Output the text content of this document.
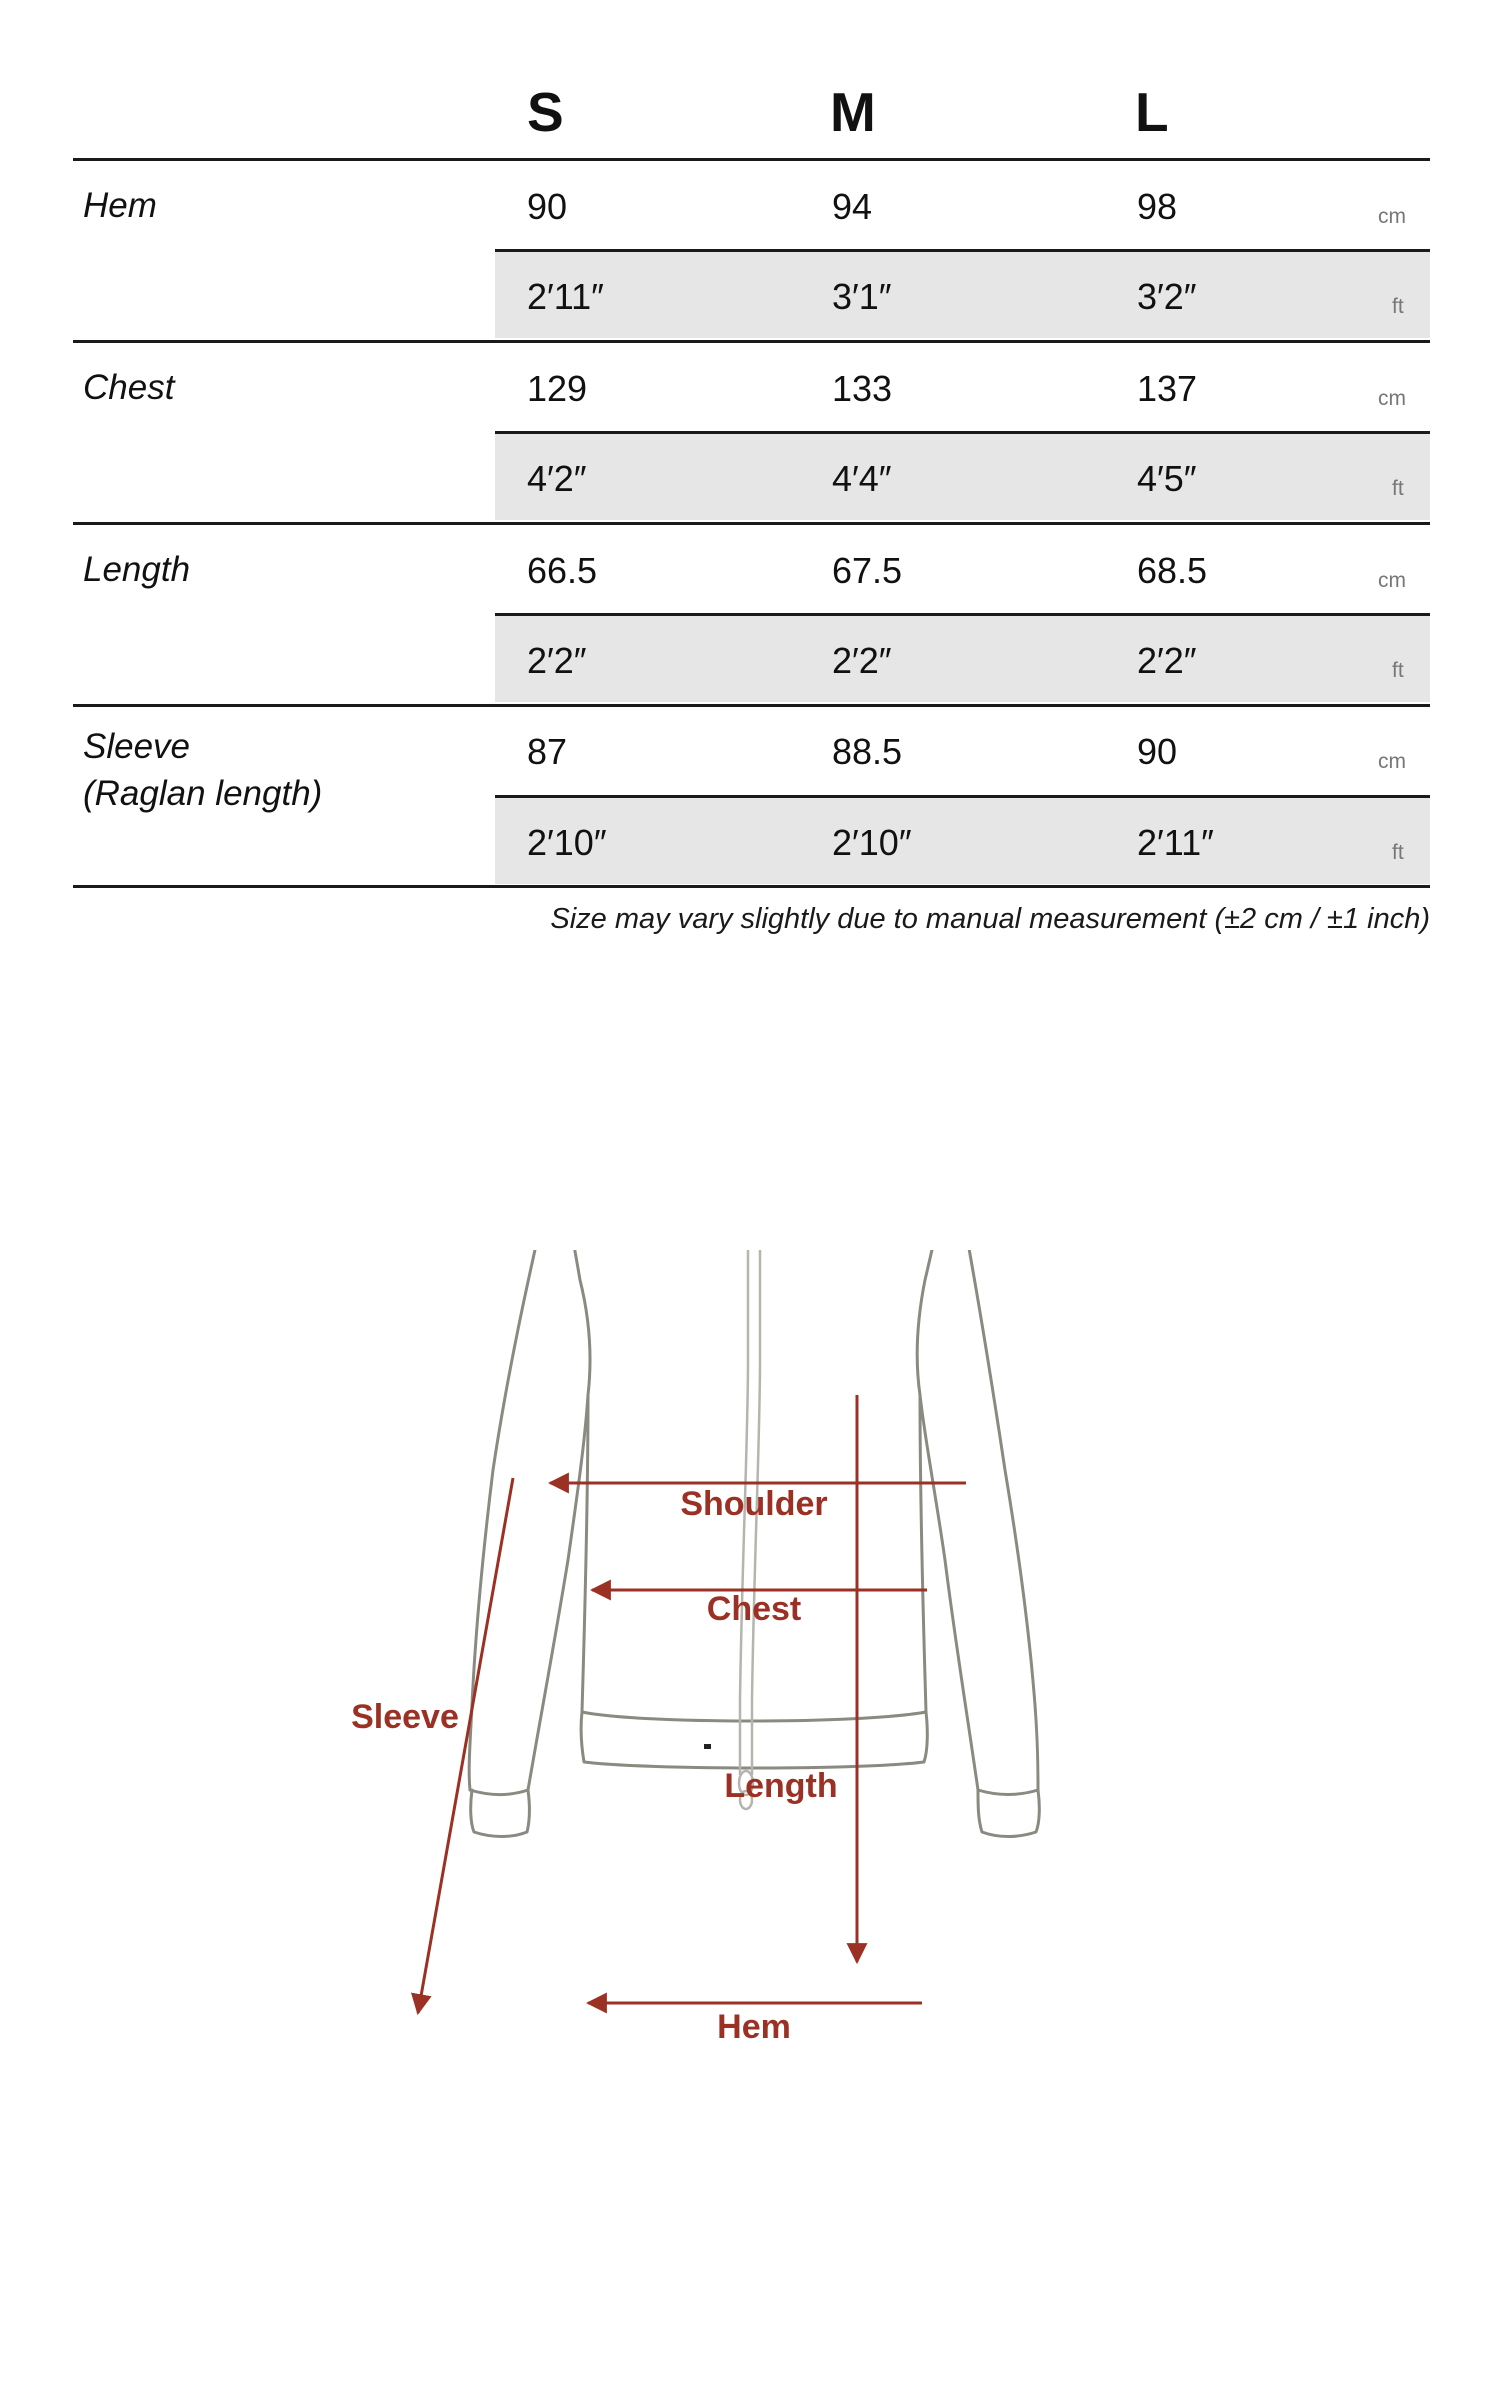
S	M	L
Hem	90	94	98	cm
2′11″	3′1″	3′2″	ft
Chest	129	133	137	cm
4′2″	4′4″	4′5″	ft
Length	66.5	67.5	68.5	cm
2′2″	2′2″	2′2″	ft
Sleeve
(Raglan length)
87	88.5	90	cm
2′10″	2′10″	2′11″	ft
Size may vary slightly due to manual measurement (±2 cm / ±1 inch)
Shoulder
Chest
Length
Sleeve
Hem
